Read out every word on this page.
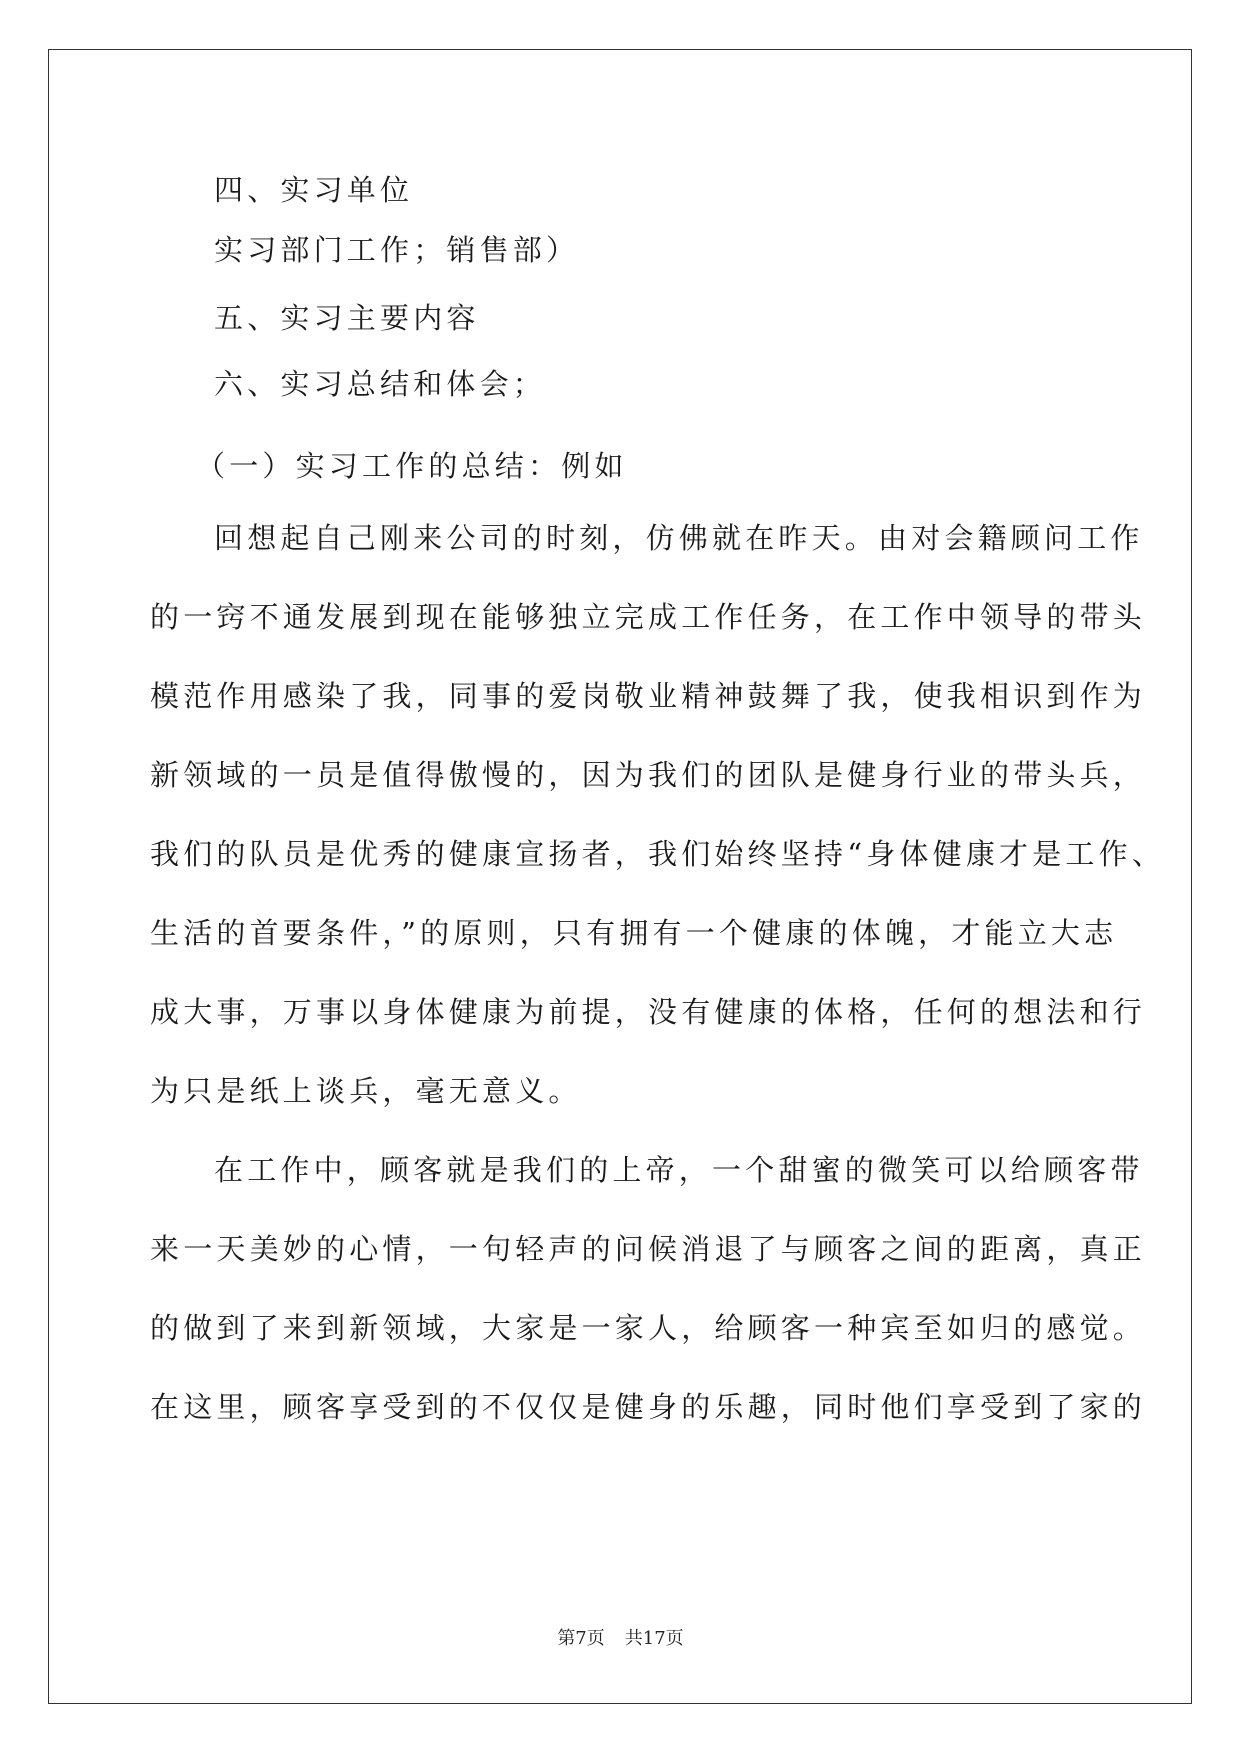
四、实习单位
实习部门工作；销售部）
五、实习主要内容
六、实习总结和体会；
（一）实习工作的总结：例如
回想起自己刚来公司的时刻，仿佛就在昨天。由对会籍顾问工作
的一窍不通发展到现在能够独立完成工作任务，在工作中领导的带头
模范作用感染了我，同事的爱岗敬业精神鼓舞了我，使我相识到作为
新领域的一员是值得傲慢的，因为我们的团队是健身行业的带头兵，
我们的队员是优秀的健康宣扬者，我们始终坚持“身体健康才是工作、
生活的首要条件，”的原则，只有拥有一个健康的体魄，才能立大志
成大事，万事以身体健康为前提，没有健康的体格，任何的想法和行
为只是纸上谈兵，毫无意义。
在工作中，顾客就是我们的上帝，一个甜蜜的微笑可以给顾客带
来一天美妙的心情，一句轻声的问候消退了与顾客之间的距离，真正
的做到了来到新领域，大家是一家人，给顾客一种宾至如归的感觉。
在这里，顾客享受到的不仅仅是健身的乐趣，同时他们享受到了家的
第7页 共17页
